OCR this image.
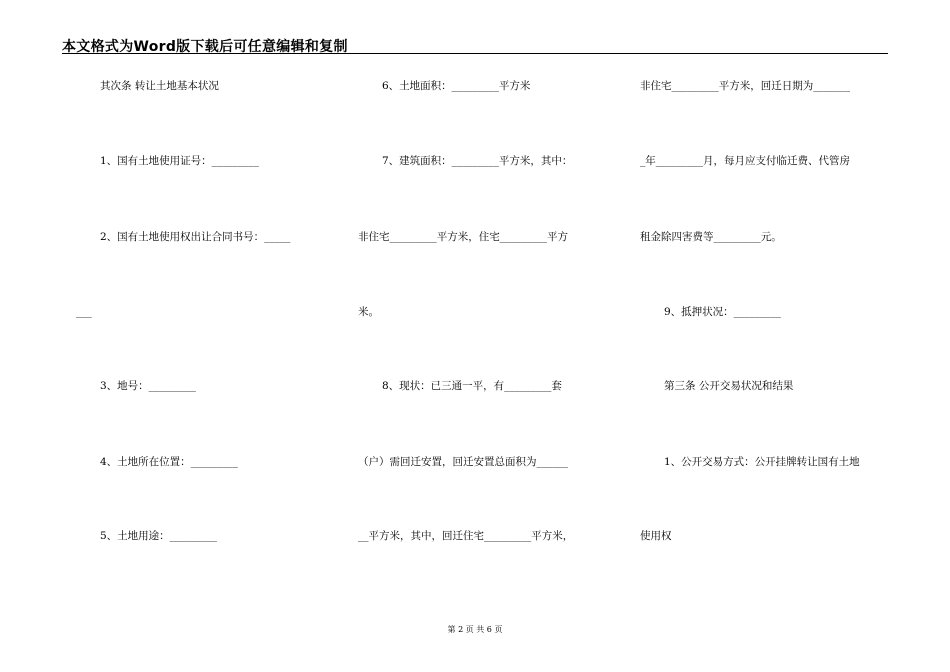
本文格式为Word版下载后可任意编辑和复制
其次条 转让土地基本状况
1、国有土地使用证号：_________
2、国有土地使用权出让合同书号：_____
___
3、地号：_________
4、土地所在位置：_________
5、土地用途：_________
6、土地面积：_________平方米
7、建筑面积：_________平方米，其中：
非住宅_________平方米，住宅_________平方
米。
8、现状：已三通一平，有_________套
（户）需回迁安置，回迁安置总面积为______
__平方米，其中，回迁住宅_________平方米，
非住宅_________平方米，回迁日期为_______
_年_________月，每月应支付临迁费、代管房
租金除四害费等_________元。
9、抵押状况：_________
第三条 公开交易状况和结果
1、公开交易方式：公开挂牌转让国有土地
使用权
第 2 页 共 6 页
